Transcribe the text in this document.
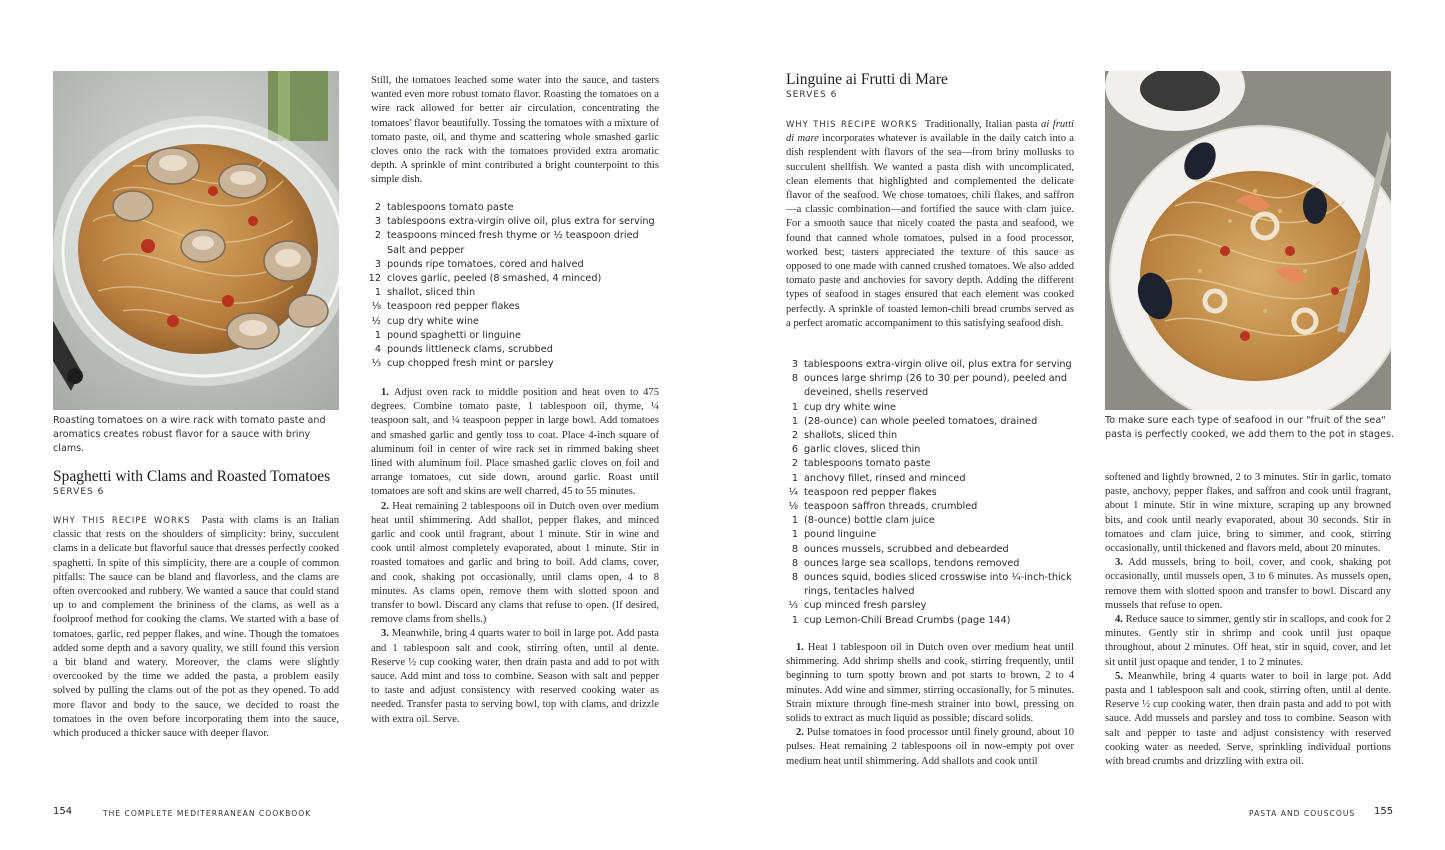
Roasting tomatoes on a wire rack with tomato paste and aromatics creates robust flavor for a sauce with briny clams.
Spaghetti with Clams and Roasted Tomatoes
SERVES 6

WHY THIS RECIPE WORKS Pasta with clams is an Italian classic that rests on the shoulders of simplicity: briny, succulent clams in a delicate but flavorful sauce that dresses perfectly cooked spaghetti. In spite of this simplicity, there are a couple of common pitfalls: The sauce can be bland and flavorless, and the clams are often overcooked and rubbery. We wanted a sauce that could stand up to and complement the brininess of the clams, as well as a foolproof method for cooking the clams. We started with a base of tomatoes, garlic, red pepper flakes, and wine. Though the tomatoes added some depth and a savory quality, we still found this version a bit bland and watery. Moreover, the clams were slightly overcooked by the time we added the pasta, a problem easily solved by pulling the clams out of the pot as they opened. To add more flavor and body to the sauce, we decided to roast the tomatoes in the oven before incorporating them into the sauce, which produced a thicker sauce with deeper flavor.

Still, the tomatoes leached some water into the sauce, and tasters wanted even more robust tomato flavor. Roasting the tomatoes on a wire rack allowed for better air circulation, concentrating the tomatoes' flavor beautifully. Tossing the tomatoes with a mixture of tomato paste, oil, and thyme and scattering whole smashed garlic cloves onto the rack with the tomatoes provided extra aromatic depth. A sprinkle of mint contributed a bright counterpoint to this simple dish.

2 tablespoons tomato paste
3 tablespoons extra-virgin olive oil, plus extra for serving
2 teaspoons minced fresh thyme or ½ teaspoon dried
Salt and pepper
3 pounds ripe tomatoes, cored and halved
12 cloves garlic, peeled (8 smashed, 4 minced)
1 shallot, sliced thin
⅛ teaspoon red pepper flakes
½ cup dry white wine
1 pound spaghetti or linguine
4 pounds littleneck clams, scrubbed
⅓ cup chopped fresh mint or parsley

1. Adjust oven rack to middle position and heat oven to 475 degrees. Combine tomato paste, 1 tablespoon oil, thyme, ¼ teaspoon salt, and ¼ teaspoon pepper in large bowl. Add tomatoes and smashed garlic and gently toss to coat. Place 4-inch square of aluminum foil in center of wire rack set in rimmed baking sheet lined with aluminum foil. Place smashed garlic cloves on foil and arrange tomatoes, cut side down, around garlic. Roast until tomatoes are soft and skins are well charred, 45 to 55 minutes.

2. Heat remaining 2 tablespoons oil in Dutch oven over medium heat until shimmering. Add shallot, pepper flakes, and minced garlic and cook until fragrant, about 1 minute. Stir in wine and cook until almost completely evaporated, about 1 minute. Stir in roasted tomatoes and garlic and bring to boil. Add clams, cover, and cook, shaking pot occasionally, until clams open, 4 to 8 minutes. As clams open, remove them with slotted spoon and transfer to bowl. Discard any clams that refuse to open. (If desired, remove clams from shells.)

3. Meanwhile, bring 4 quarts water to boil in large pot. Add pasta and 1 tablespoon salt and cook, stirring often, until al dente. Reserve ½ cup cooking water, then drain pasta and add to pot with sauce. Add mint and toss to combine. Season with salt and pepper to taste and adjust consistency with reserved cooking water as needed. Transfer pasta to serving bowl, top with clams, and drizzle with extra oil. Serve.

154	THE COMPLETE MEDITERRANEAN COOKBOOK
Linguine ai Frutti di Mare
SERVES 6

WHY THIS RECIPE WORKS Traditionally, Italian pasta ai frutti di mare incorporates whatever is available in the daily catch into a dish resplendent with flavors of the sea—from briny mollusks to succulent shellfish. We wanted a pasta dish with uncomplicated, clean elements that highlighted and complemented the delicate flavor of the seafood. We chose tomatoes, chili flakes, and saffron—a classic combination—and fortified the sauce with clam juice. For a smooth sauce that nicely coated the pasta and seafood, we found that canned whole tomatoes, pulsed in a food processor, worked best; tasters appreciated the texture of this sauce as opposed to one made with canned crushed tomatoes. We also added tomato paste and anchovies for savory depth. Adding the different types of seafood in stages ensured that each element was cooked perfectly. A sprinkle of toasted lemon-chili bread crumbs served as a perfect aromatic accompaniment to this satisfying seafood dish.

3 tablespoons extra-virgin olive oil, plus extra for serving
8 ounces large shrimp (26 to 30 per pound), peeled and deveined, shells reserved
1 cup dry white wine
1 (28-ounce) can whole peeled tomatoes, drained
2 shallots, sliced thin
6 garlic cloves, sliced thin
2 tablespoons tomato paste
1 anchovy fillet, rinsed and minced
¼ teaspoon red pepper flakes
⅛ teaspoon saffron threads, crumbled
1 (8-ounce) bottle clam juice
1 pound linguine
8 ounces mussels, scrubbed and debearded
8 ounces large sea scallops, tendons removed
8 ounces squid, bodies sliced crosswise into ¼-inch-thick rings, tentacles halved
⅓ cup minced fresh parsley
1 cup Lemon-Chili Bread Crumbs (page 144)

1. Heat 1 tablespoon oil in Dutch oven over medium heat until shimmering. Add shrimp shells and cook, stirring frequently, until beginning to turn spotty brown and pot starts to brown, 2 to 4 minutes. Add wine and simmer, stirring occasionally, for 5 minutes. Strain mixture through fine-mesh strainer into bowl, pressing on solids to extract as much liquid as possible; discard solids.

2. Pulse tomatoes in food processor until finely ground, about 10 pulses. Heat remaining 2 tablespoons oil in now-empty pot over medium heat until shimmering. Add shallots and cook until

To make sure each type of seafood in our "fruit of the sea" pasta is perfectly cooked, we add them to the pot in stages.

softened and lightly browned, 2 to 3 minutes. Stir in garlic, tomato paste, anchovy, pepper flakes, and saffron and cook until fragrant, about 1 minute. Stir in wine mixture, scraping up any browned bits, and cook until nearly evaporated, about 30 seconds. Stir in tomatoes and clam juice, bring to simmer, and cook, stirring occasionally, until thickened and flavors meld, about 20 minutes.

3. Add mussels, bring to boil, cover, and cook, shaking pot occasionally, until mussels open, 3 to 6 minutes. As mussels open, remove them with slotted spoon and transfer to bowl. Discard any mussels that refuse to open.

4. Reduce sauce to simmer, gently stir in scallops, and cook for 2 minutes. Gently stir in shrimp and cook until just opaque throughout, about 2 minutes. Off heat, stir in squid, cover, and let sit until just opaque and tender, 1 to 2 minutes.

5. Meanwhile, bring 4 quarts water to boil in large pot. Add pasta and 1 tablespoon salt and cook, stirring often, until al dente. Reserve ½ cup cooking water, then drain pasta and add to pot with sauce. Add mussels and parsley and toss to combine. Season with salt and pepper to taste and adjust consistency with reserved cooking water as needed. Serve, sprinkling individual portions with bread crumbs and drizzling with extra oil.

PASTA AND COUSCOUS 155
